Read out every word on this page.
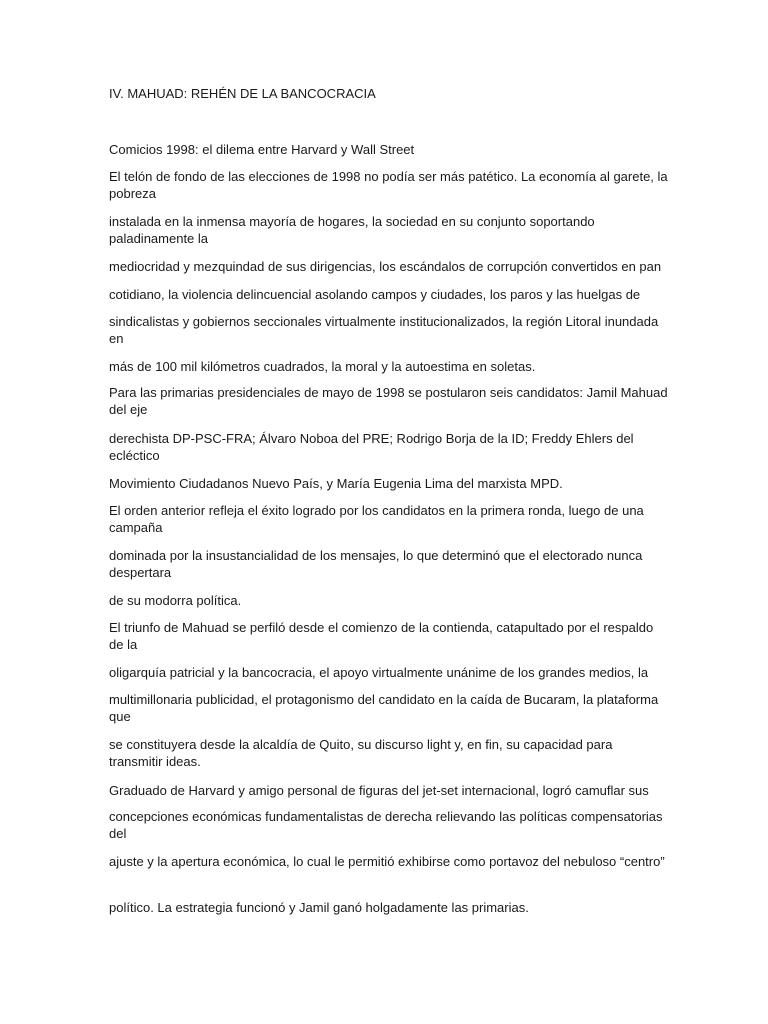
IV. MAHUAD: REHÉN DE LA BANCOCRACIA

Comicios 1998: el dilema entre Harvard y Wall Street

El telón de fondo de las elecciones de 1998 no podía ser más patético. La economía al garete, la pobreza

instalada en la inmensa mayoría de hogares, la sociedad en su conjunto soportando paladinamente la

mediocridad y mezquindad de sus dirigencias, los escándalos de corrupción convertidos en pan

cotidiano, la violencia delincuencial asolando campos y ciudades, los paros y las huelgas de

sindicalistas y gobiernos seccionales virtualmente institucionalizados, la región Litoral inundada en

más de 100 mil kilómetros cuadrados, la moral y la autoestima en soletas.

Para las primarias presidenciales de mayo de 1998 se postularon seis candidatos: Jamil Mahuad del eje

derechista DP-PSC-FRA; Álvaro Noboa del PRE; Rodrigo Borja de la ID; Freddy Ehlers del ecléctico

Movimiento Ciudadanos Nuevo País, y María Eugenia Lima del marxista MPD.

El orden anterior refleja el éxito logrado por los candidatos en la primera ronda, luego de una campaña

dominada por la insustancialidad de los mensajes, lo que determinó que el electorado nunca despertara

de su modorra política.

El triunfo de Mahuad se perfiló desde el comienzo de la contienda, catapultado por el respaldo de la

oligarquía patricial y la bancocracia, el apoyo virtualmente unánime de los grandes medios, la

multimillonaria publicidad, el protagonismo del candidato en la caída de Bucaram, la plataforma que

se constituyera desde la alcaldía de Quito, su discurso light y, en fin, su capacidad para transmitir ideas.

Graduado de Harvard y amigo personal de figuras del jet-set internacional, logró camuflar sus

concepciones económicas fundamentalistas de derecha relievando las políticas compensatorias del

ajuste y la apertura económica, lo cual le permitió exhibirse como portavoz del nebuloso “centro”

político. La estrategia funcionó y Jamil ganó holgadamente las primarias.
